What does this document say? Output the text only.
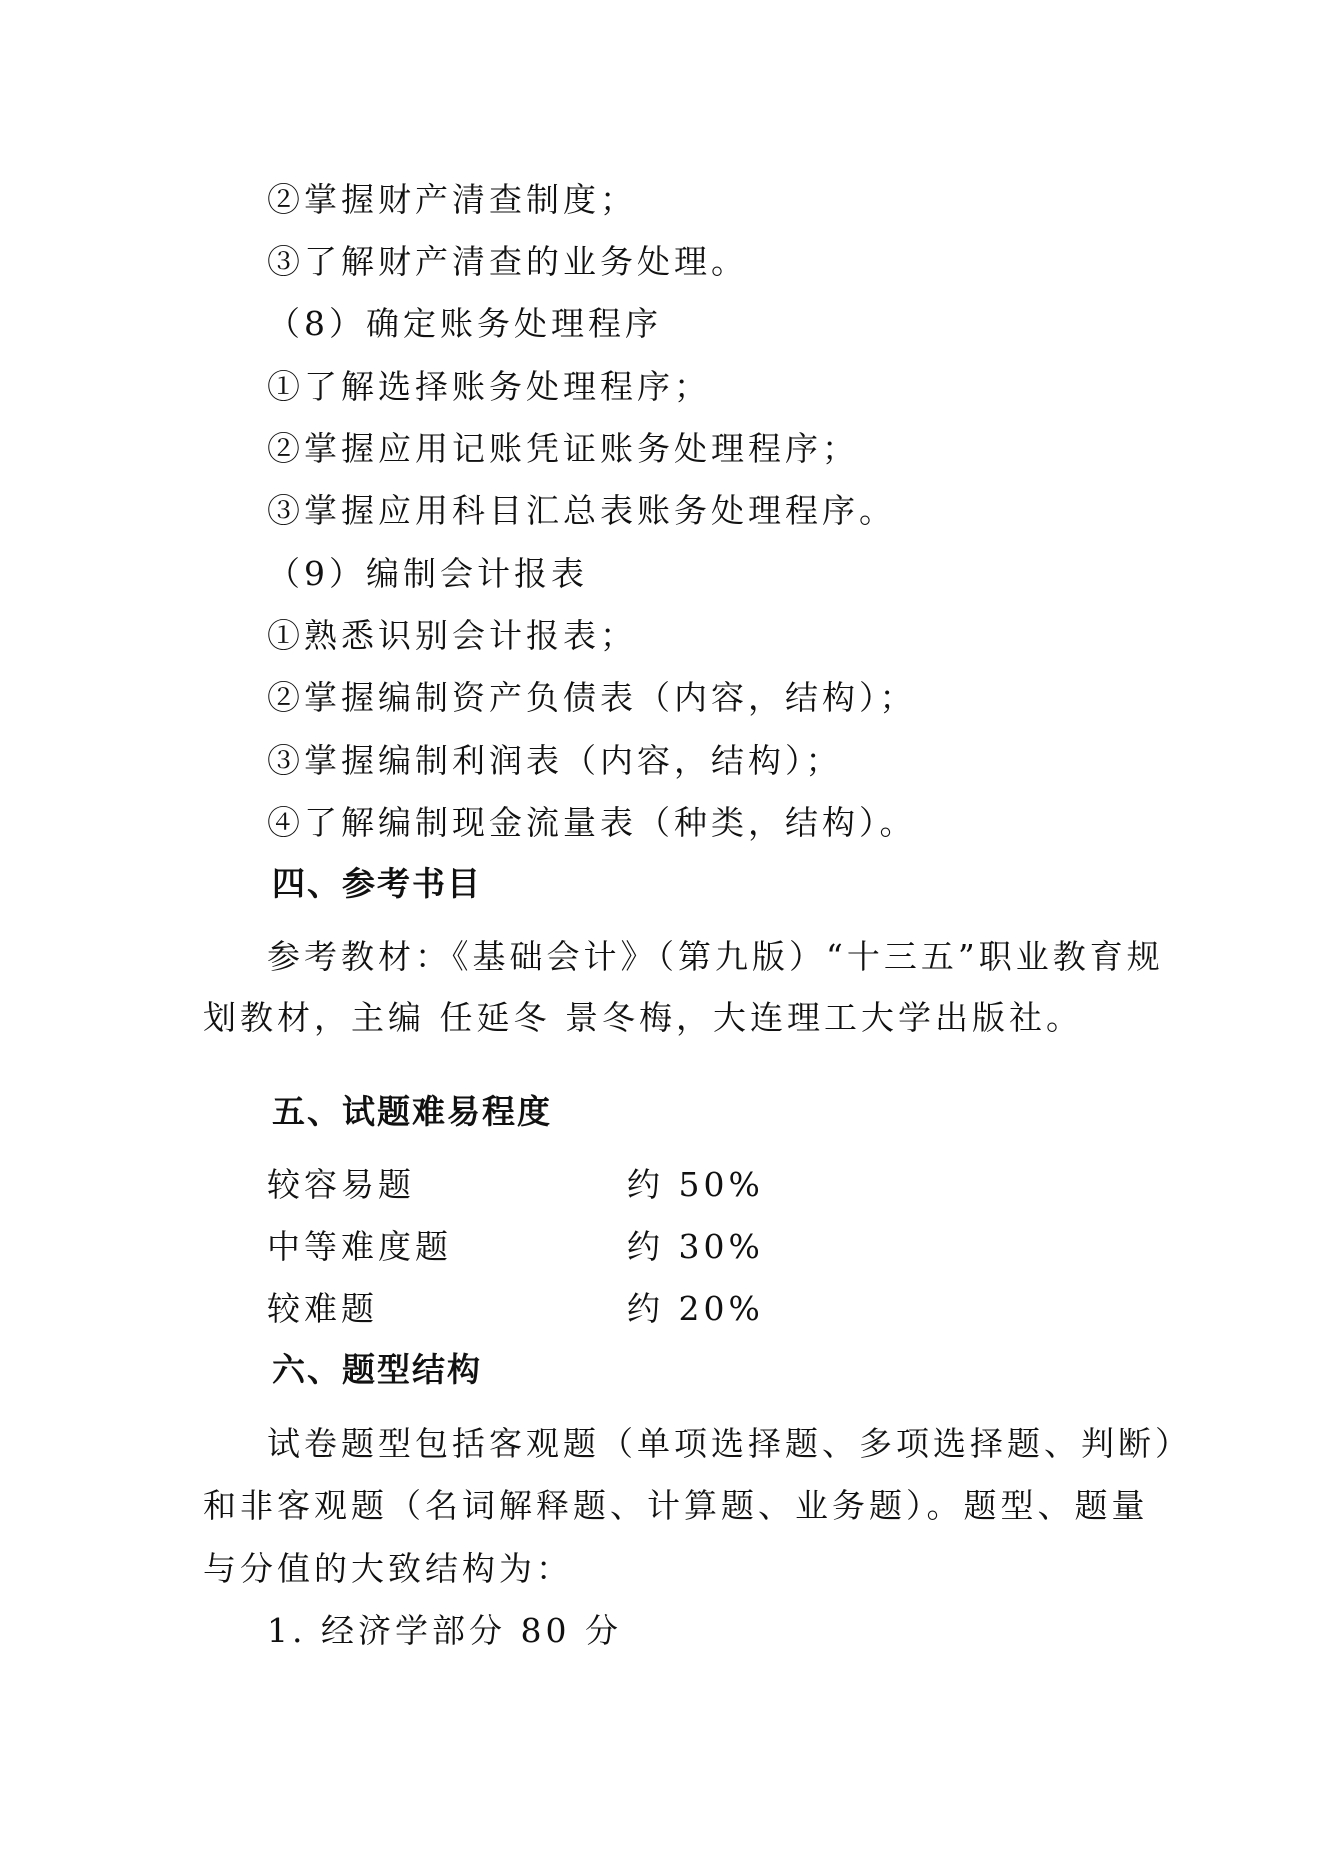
②掌握财产清查制度；
③了解财产清查的业务处理。
（8）确定账务处理程序
①了解选择账务处理程序；
②掌握应用记账凭证账务处理程序；
③掌握应用科目汇总表账务处理程序。
（9）编制会计报表
①熟悉识别会计报表；
②掌握编制资产负债表（内容，结构）；
③掌握编制利润表（内容，结构）；
④了解编制现金流量表（种类，结构）。
四、参考书目
参考教材：《基础会计》（第九版）“十三五”职业教育规
划教材，主编 任延冬 景冬梅，大连理工大学出版社。
五、试题难易程度
较容易题	约 50%
中等难度题	约 30%
较难题	约 20%
六、题型结构
试卷题型包括客观题（单项选择题、多项选择题、判断）
和非客观题（名词解释题、计算题、业务题）。题型、题量
与分值的大致结构为：
1. 经济学部分 80 分
